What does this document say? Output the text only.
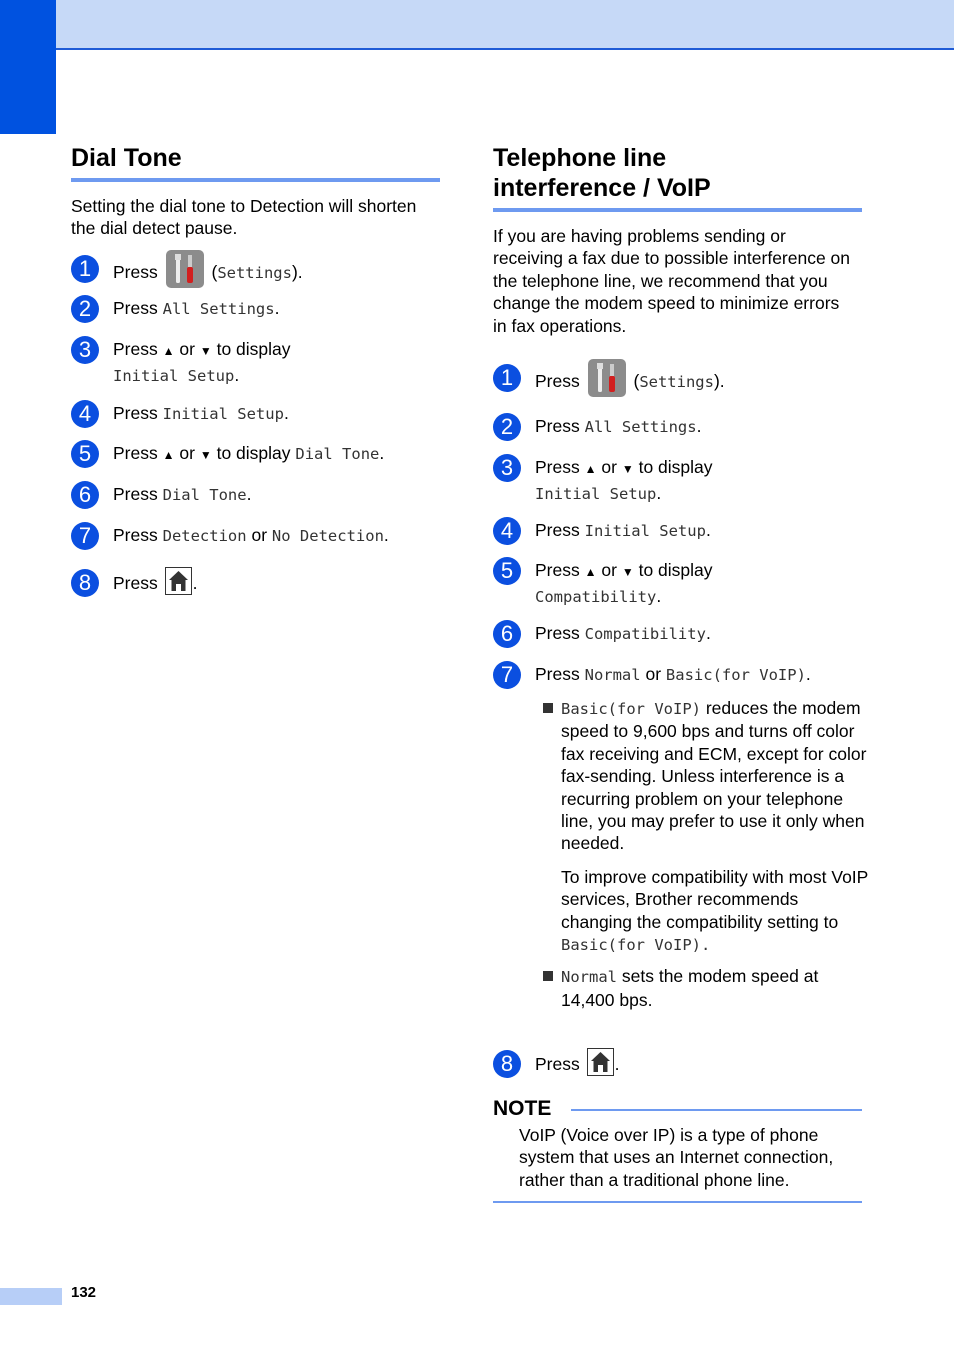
Dial Tone

Setting the dial tone to Detection will shorten the dial detect pause.

1	Press	(Settings).
2	Press All Settings.
3	Press ▲ or ▼ to display
Initial Setup.
4	Press Initial Setup.
5	Press ▲ or ▼ to display Dial Tone.
6	Press Dial Tone.
7	Press Detection or No Detection.
8	Press .
Telephone line
interference / VoIP

If you are having problems sending or receiving a fax due to possible interference on the telephone line, we recommend that you change the modem speed to minimize errors in fax operations.

1	Press	(Settings).
2	Press All Settings.
3	Press ▲ or ▼ to display
Initial Setup.
4	Press Initial Setup.
5	Press ▲ or ▼ to display
Compatibility.
6	Press Compatibility.
7	Press Normal or Basic(for VoIP).
Basic(for VoIP) reduces the modem speed to 9,600 bps and turns off color fax receiving and ECM, except for color fax-sending. Unless interference is a recurring problem on your telephone line, you may prefer to use it only when needed.
To improve compatibility with most VoIP services, Brother recommends changing the compatibility setting to
Basic(for VoIP).
Normal sets the modem speed at 14,400 bps.
8	Press .
NOTE

VoIP (Voice over IP) is a type of phone system that uses an Internet connection, rather than a traditional phone line.

132
